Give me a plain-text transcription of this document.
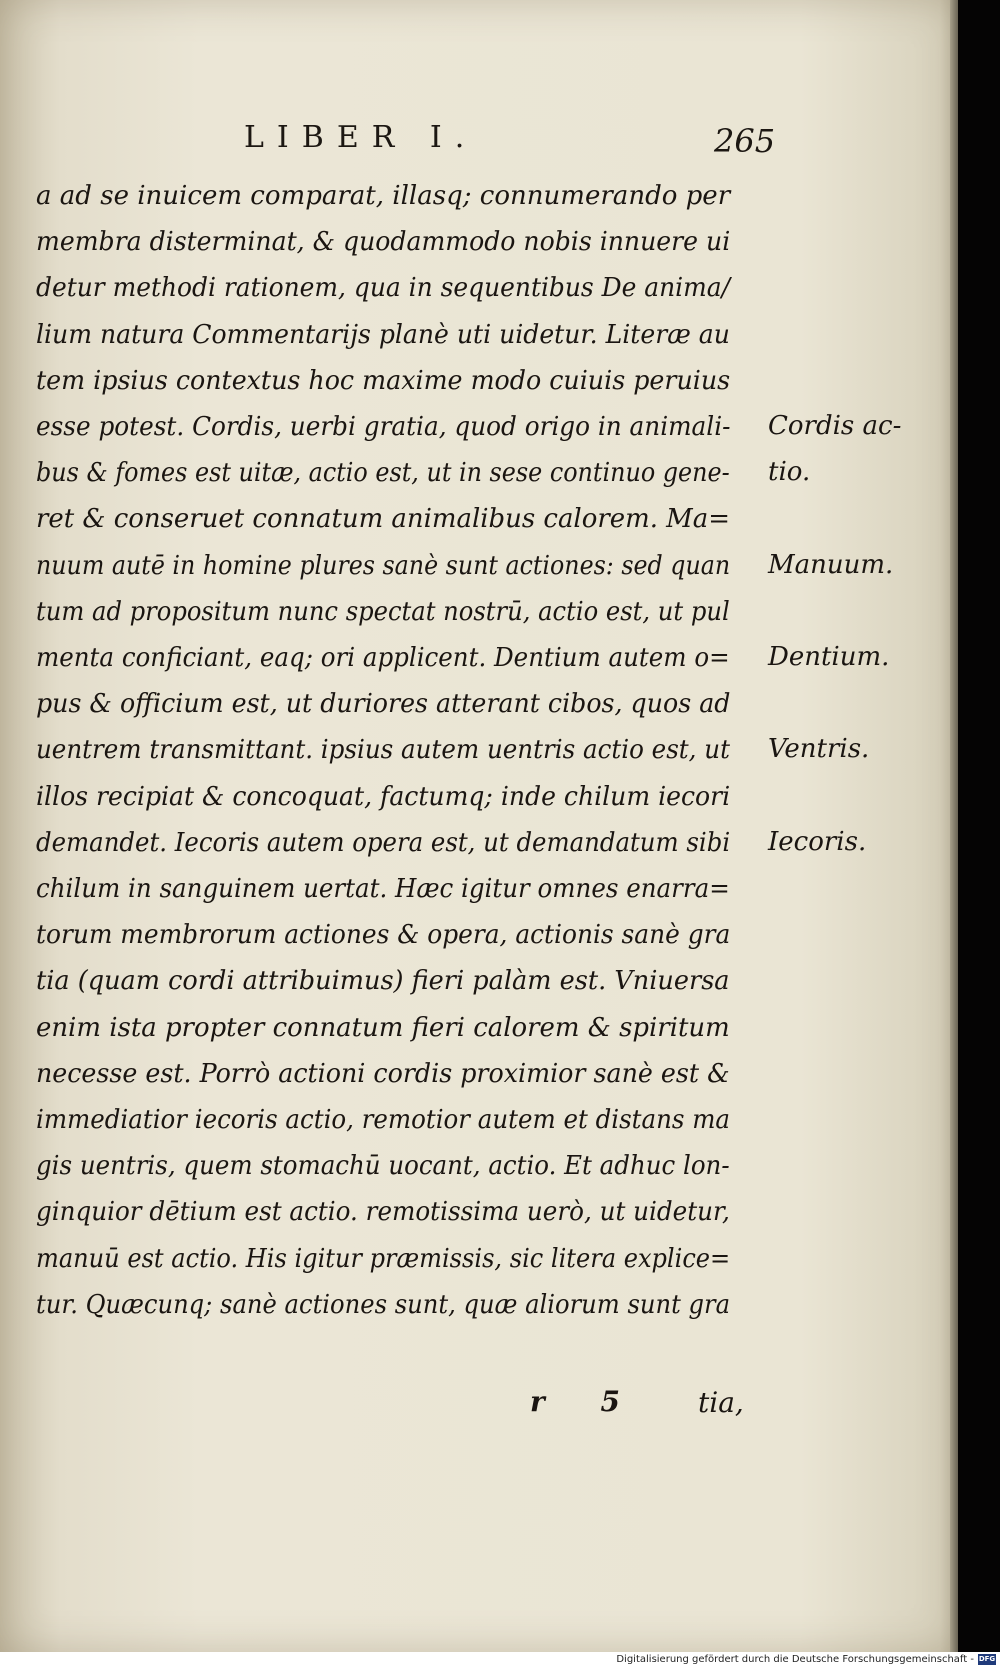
LIBER I.	265
a ad se inuicem comparat, illasq; connumerando per
membra disterminat, & quodammodo nobis innuere ui
detur methodi rationem, qua in sequentibus De anima/
lium natura Commentarijs planè uti uidetur. Literæ au
tem ipsius contextus hoc maxime modo cuiuis peruius
esse potest. Cordis, uerbi gratia, quod origo in animali-
bus & fomes est uitæ, actio est, ut in sese continuo gene-
ret & conseruet connatum animalibus calorem. Ma=
nuum autē in homine plures sanè sunt actiones: sed quan
tum ad propositum nunc spectat nostrū, actio est, ut pul
menta conficiant, eaq; ori applicent. Dentium autem o=
pus & officium est, ut duriores atterant cibos, quos ad
uentrem transmittant. ipsius autem uentris actio est, ut
illos recipiat & concoquat, factumq; inde chilum iecori
demandet. Iecoris autem opera est, ut demandatum sibi
chilum in sanguinem uertat. Hæc igitur omnes enarra=
torum membrorum actiones & opera, actionis sanè gra
tia (quam cordi attribuimus) fieri palàm est. Vniuersa
enim ista propter connatum fieri calorem & spiritum
necesse est. Porrò actioni cordis proximior sanè est &
immediatior iecoris actio, remotior autem et distans ma
gis uentris, quem stomachū uocant, actio. Et adhuc lon-
ginquior dētium est actio. remotissima uerò, ut uidetur,
manuū est actio. His igitur præmissis, sic litera explice=
tur. Quæcunq; sanè actiones sunt, quæ aliorum sunt gra
Cordis ac-
tio.
Manuum.
Dentium.
Ventris.
Iecoris.
r 5	tia,
Digitalisierung gefördert durch die Deutsche Forschungsgemeinschaft - DFG
